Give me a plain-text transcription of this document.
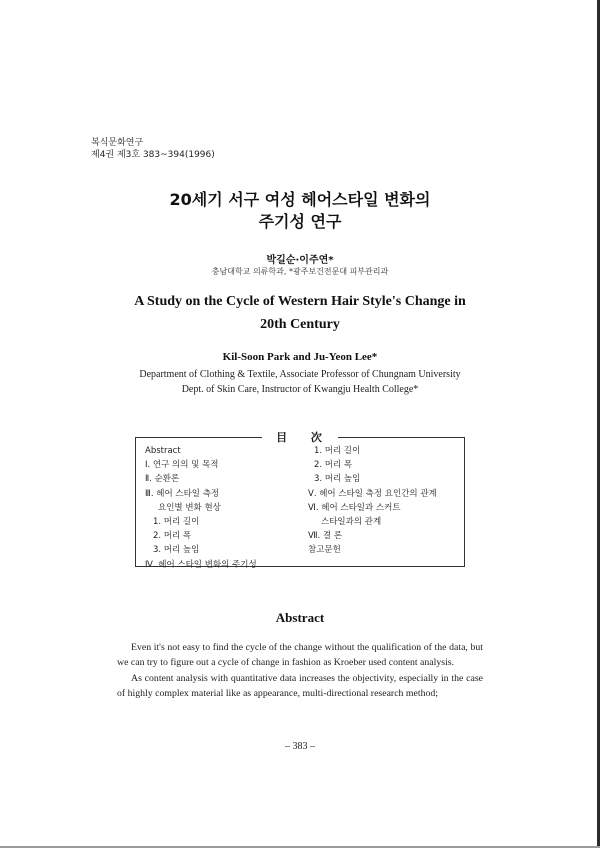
복식문화연구
제4권 제3호 383~394(1996)
20세기 서구 여성 헤어스타일 변화의
주기성 연구
박길순·이주연*
충남대학교 의류학과, *광주보건전문대 피부관리과
A Study on the Cycle of Western Hair Style's Change in
20th Century
Kil-Soon Park and Ju-Yeon Lee*
Department of Clothing & Textile, Associate Professor of Chungnam University
Dept. of Skin Care, Instructor of Kwangju Health College*
目 次
Abstract
Ⅰ. 연구 의의 및 목적
Ⅱ. 순환론
Ⅲ. 헤어 스타일 측정
요인별 변화 현상
1. 머리 길이
2. 머리 폭
3. 머리 높임
Ⅳ. 헤어 스타일 변화의 주기성
1. 머리 길이
2. 머리 폭
3. 머리 높임
Ⅴ. 헤어 스타일 측정 요인간의 관계
Ⅵ. 헤어 스타일과 스커트
스타일과의 관계
Ⅶ. 결 론
참고문헌
Abstract

Even it's not easy to find the cycle of the change without the qualification of the data, but we can try to figure out a cycle of change in fashion as Kroeber used content analysis.

As content analysis with quantitative data increases the objectivity, especially in the case of highly complex material like as appearance, multi-directional research method;

– 383 –
